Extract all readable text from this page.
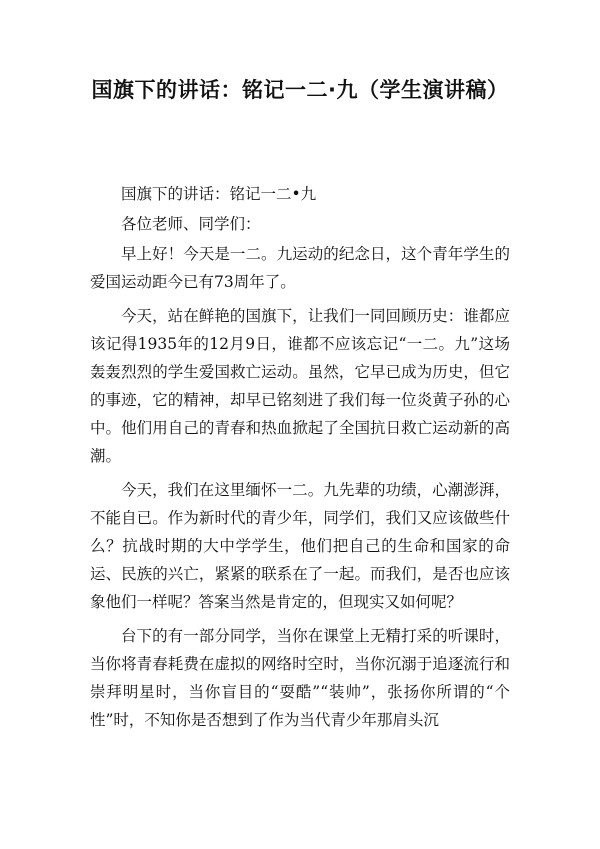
国旗下的讲话：铭记一二·九（学生演讲稿）

国旗下的讲话：铭记一二•九

各位老师、同学们：

早上好！今天是一二。九运动的纪念日，这个青年学生的爱国运动距今已有73周年了。

今天，站在鲜艳的国旗下，让我们一同回顾历史：谁都应该记得1935年的12月9日，谁都不应该忘记“一二。九”这场轰轰烈烈的学生爱国救亡运动。虽然，它早已成为历史，但它的事迹，它的精神，却早已铭刻进了我们每一位炎黄子孙的心中。他们用自己的青春和热血掀起了全国抗日救亡运动新的高潮。

今天，我们在这里缅怀一二。九先辈的功绩，心潮澎湃，不能自已。作为新时代的青少年，同学们，我们又应该做些什么？抗战时期的大中学学生，他们把自己的生命和国家的命运、民族的兴亡，紧紧的联系在了一起。而我们，是否也应该象他们一样呢？答案当然是肯定的，但现实又如何呢？

台下的有一部分同学，当你在课堂上无精打采的听课时，当你将青春耗费在虚拟的网络时空时，当你沉溺于追逐流行和崇拜明星时，当你盲目的“耍酷”“装帅”，张扬你所谓的“个性”时，不知你是否想到了作为当代青少年那肩头沉
